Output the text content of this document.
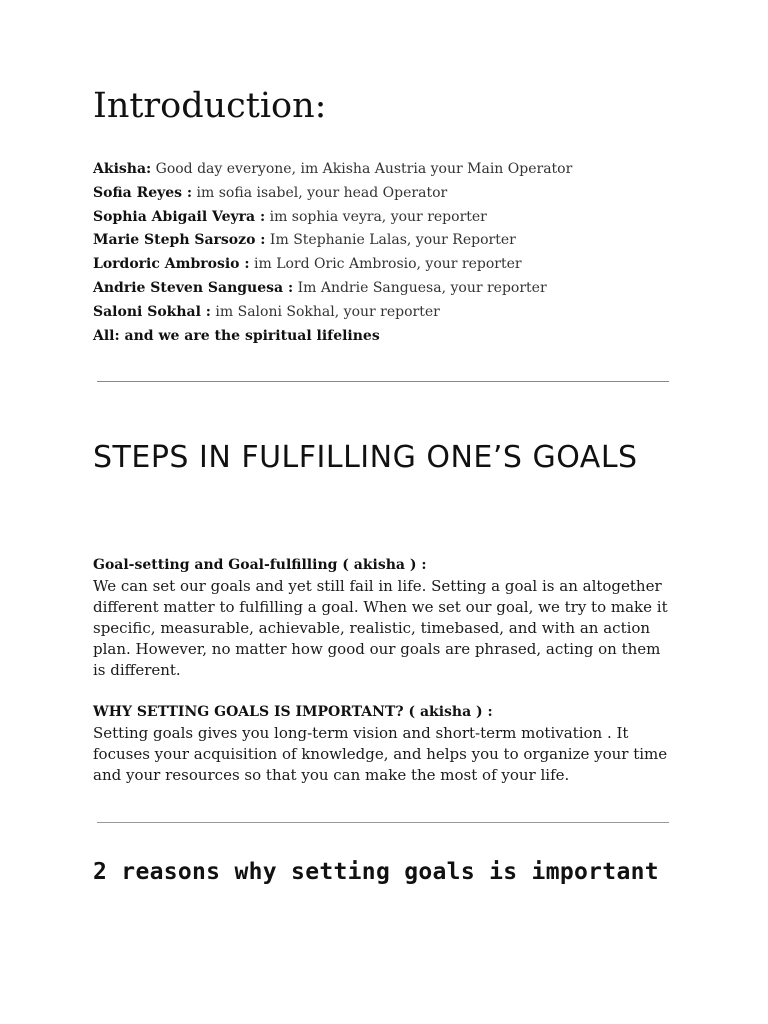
Introduction:
Akisha: Good day everyone, im Akisha Austria your Main Operator
Sofia Reyes : im sofia isabel, your head Operator
Sophia Abigail Veyra : im sophia veyra, your reporter
Marie Steph Sarsozo : Im Stephanie Lalas, your Reporter
Lordoric Ambrosio : im Lord Oric Ambrosio, your reporter
Andrie Steven Sanguesa : Im Andrie Sanguesa, your reporter
Saloni Sokhal : im Saloni Sokhal, your reporter
All: and we are the spiritual lifelines
STEPS IN FULFILLING ONE’S GOALS
Goal-setting and Goal-fulfilling ( akisha ) :
We can set our goals and yet still fail in life. Setting a goal is an altogether different matter to fulfilling a goal. When we set our goal, we try to make it specific, measurable, achievable, realistic, timebased, and with an action plan. However, no matter how good our goals are phrased, acting on them is different.
WHY SETTING GOALS IS IMPORTANT? ( akisha ) :
Setting goals gives you long-term vision and short-term motivation . It focuses your acquisition of knowledge, and helps you to organize your time and your resources so that you can make the most of your life.
2 reasons why setting goals is important
